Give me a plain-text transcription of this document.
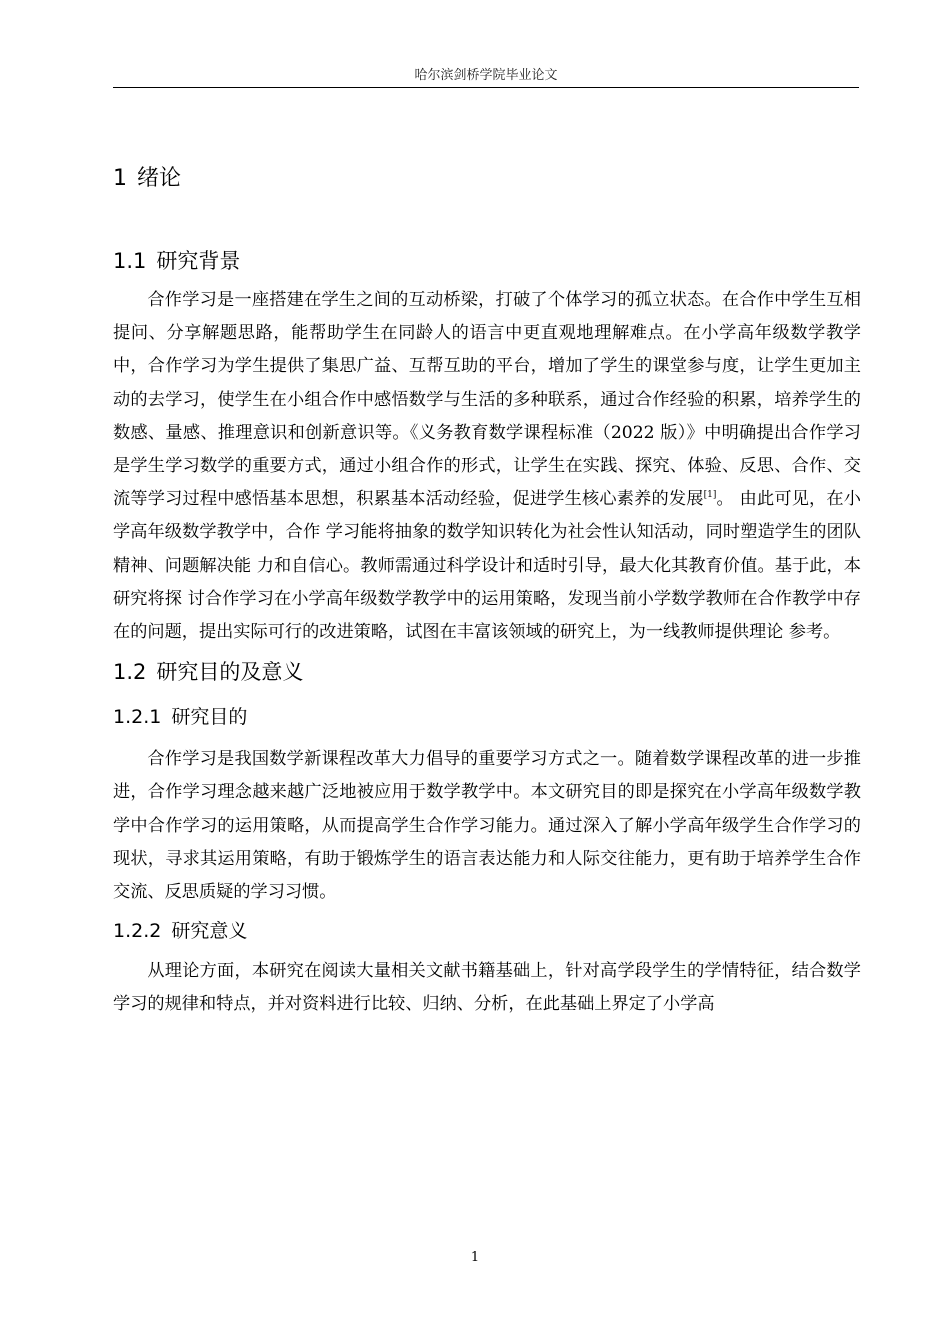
哈尔滨剑桥学院毕业论文
1 绪论
1.1 研究背景

合作学习是一座搭建在学生之间的互动桥梁，打破了个体学习的孤立状态。在合作中学生互相提问、分享解题思路，能帮助学生在同龄人的语言中更直观地理解难点。在小学高年级数学教学中，合作学习为学生提供了集思广益、互帮互助的平台，增加了学生的课堂参与度，让学生更加主动的去学习，使学生在小组合作中感悟数学与生活的多种联系，通过合作经验的积累，培养学生的数感、量感、推理意识和创新意识等。《义务教育数学课程标准（2022 版）》中明确提出合作学习是学生学习数学的重要方式，通过小组合作的形式，让学生在实践、探究、体验、反思、合作、交流等学习过程中感悟基本思想，积累基本活动经验，促进学生核心素养的发展[1]。 由此可见，在小学高年级数学教学中，合作 学习能将抽象的数学知识转化为社会性认知活动，同时塑造学生的团队精神、问题解决能 力和自信心。教师需通过科学设计和适时引导，最大化其教育价值。基于此，本研究将探 讨合作学习在小学高年级数学教学中的运用策略，发现当前小学数学教师在合作教学中存 在的问题，提出实际可行的改进策略，试图在丰富该领域的研究上，为一线教师提供理论 参考。

1.2 研究目的及意义
1.2.1 研究目的

合作学习是我国数学新课程改革大力倡导的重要学习方式之一。随着数学课程改革的进一步推进，合作学习理念越来越广泛地被应用于数学教学中。本文研究目的即是探究在小学高年级数学教学中合作学习的运用策略，从而提高学生合作学习能力。通过深入了解小学高年级学生合作学习的现状，寻求其运用策略，有助于锻炼学生的语言表达能力和人际交往能力，更有助于培养学生合作交流、反思质疑的学习习惯。

1.2.2 研究意义

从理论方面，本研究在阅读大量相关文献书籍基础上，针对高学段学生的学情特征，结合数学学习的规律和特点，并对资料进行比较、归纳、分析，在此基础上界定了小学高

1
